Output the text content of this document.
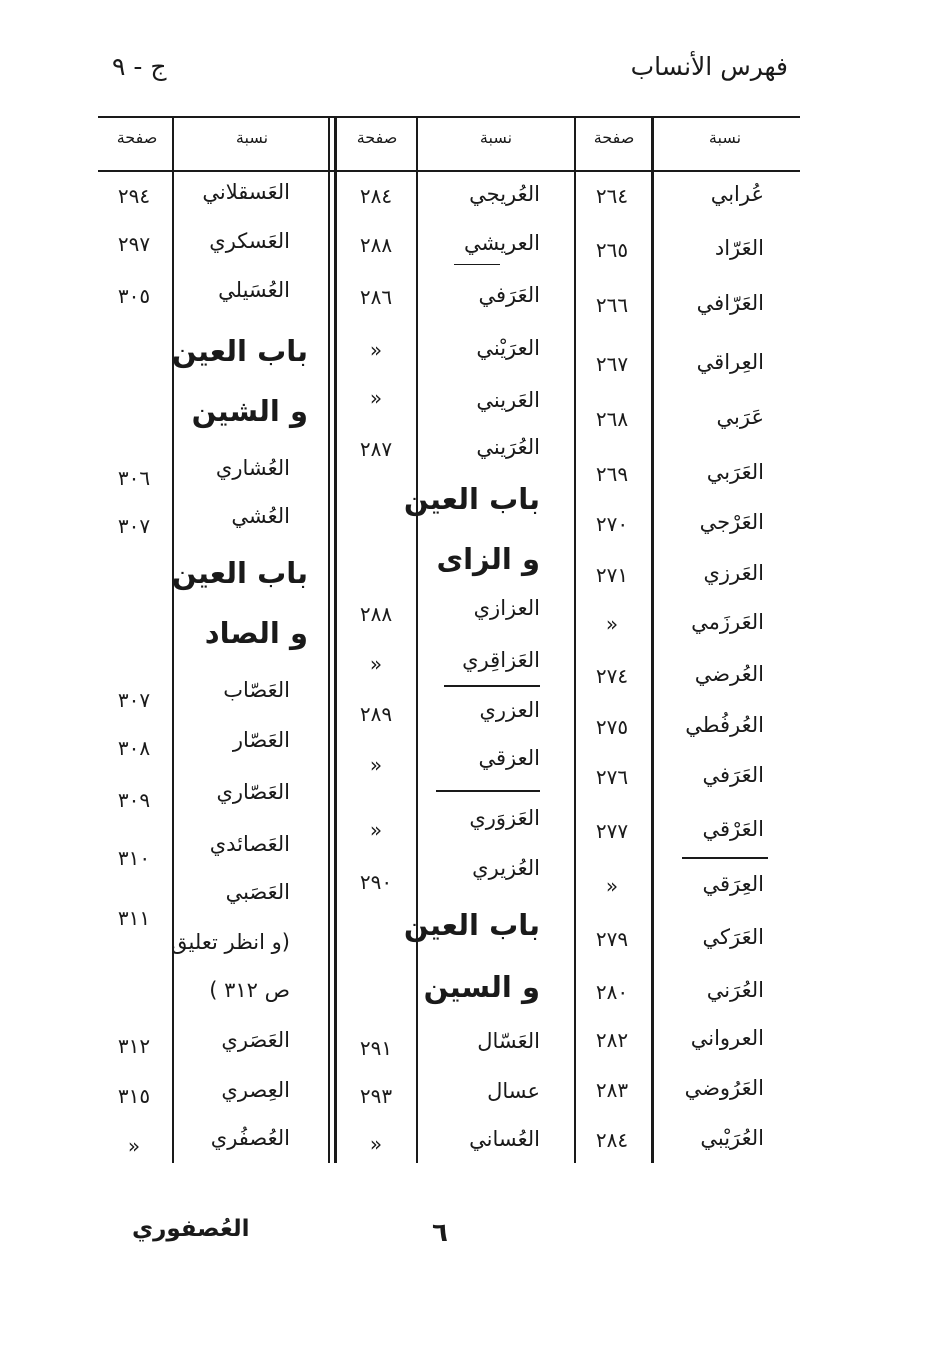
فهرس الأنساب
ج - ٩
نسبة
صفحة
نسبة
صفحة
نسبة
صفحة
عُرابي
٢٦٤
العَرّاد
٢٦٥
العَرّافي
٢٦٦
العِراقي
٢٦٧
عَرَبي
٢٦٨
العَرَبي
٢٦٩
العَرْجي
٢٧٠
العَرزي
٢٧١
العَرزَمي
»
العُرضي
٢٧٤
العُرفُطي
٢٧٥
العَرَفي
٢٧٦
العَرْقي
٢٧٧
العِرَقي
»
العَرَكي
٢٧٩
العُرَني
٢٨٠
العرواني
٢٨٢
العَرُوضي
٢٨٣
العُرَيْبي
٢٨٤
العُريجي
٢٨٤
العريشي
٢٨٨
العَرَفي
٢٨٦
العرَيْني
»
العَريني
»
العُرَيني
٢٨٧
باب العين
و الزاى
العزازي
٢٨٨
العَزاقِري
»
العزري
٢٨٩
العزقي
»
العَزوَري
»
العُزيري
٢٩٠
باب العين
و السين
العَسّال
٢٩١
عسال
٢٩٣
العُساني
»
العَسقلاني
٢٩٤
العَسكري
٢٩٧
العُسَيلي
٣٠٥
باب العين
و الشين
العُشاري
٣٠٦
العُشي
٣٠٧
باب العين
و الصاد
العَصّاب
٣٠٧
العَصّار
٣٠٨
العَصّاري
٣٠٩
العَصائدي
٣١٠
العَصَبي
٣١١
(و انظر تعليق
ص ٣١٢ )
العَصَري
٣١٢
العِصري
٣١٥
العُصفُري
»
٦
العُصفوري
